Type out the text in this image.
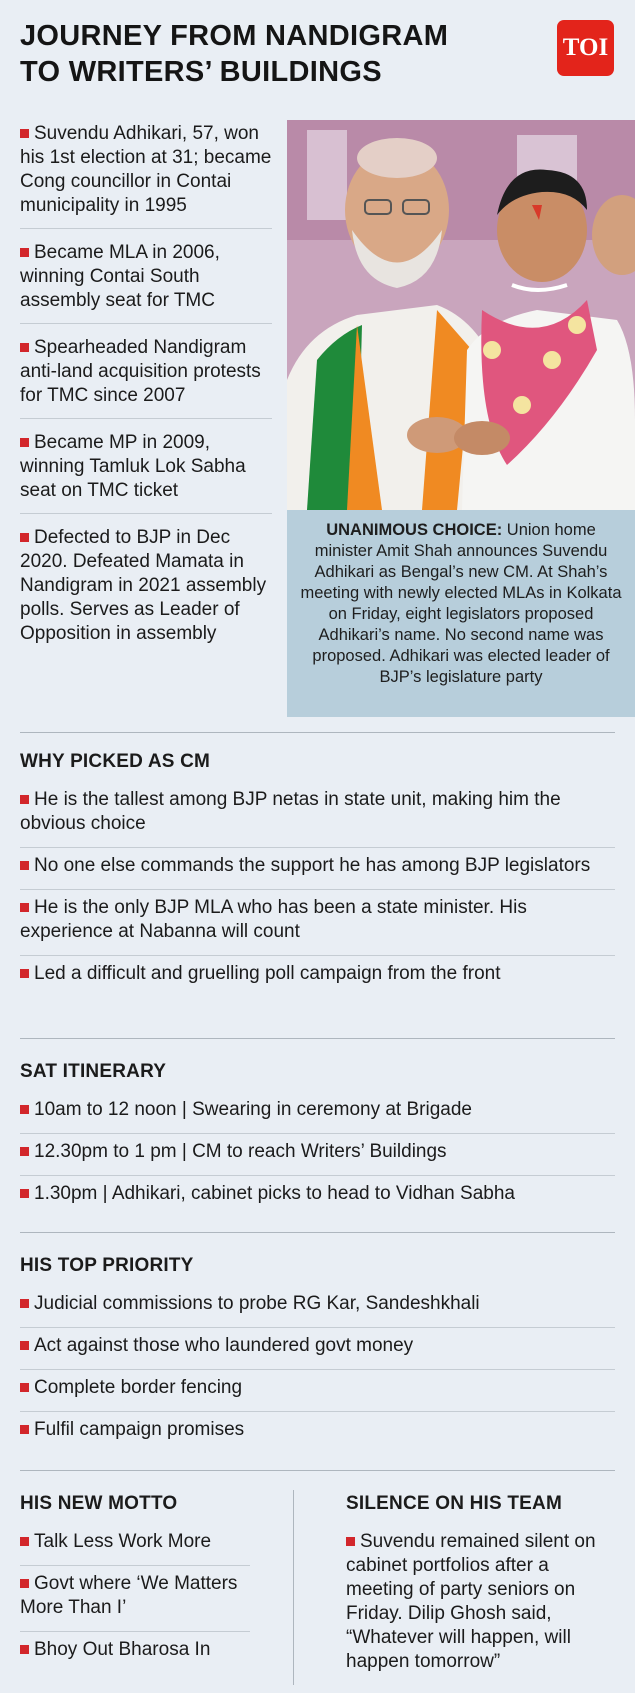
JOURNEY FROM NANDIGRAM
TO WRITERS’ BUILDINGS
TOI
Suvendu Adhikari, 57, won his 1st election at 31; became Cong councillor in Contai municipality in 1995
Became MLA in 2006, winning Contai South assembly seat for TMC
Spearheaded Nandigram anti-land acquisition protests for TMC since 2007
Became MP in 2009, winning Tamluk Lok Sabha seat on TMC ticket
Defected to BJP in Dec 2020. Defeated Mamata in Nandigram in 2021 assembly polls. Serves as Leader of Opposition in assembly
UNANIMOUS CHOICE: Union home minister Amit Shah announces Suvendu Adhikari as Bengal’s new CM. At Shah’s meeting with newly elected MLAs in Kolkata on Friday, eight legislators proposed Adhikari’s name. No second name was proposed. Adhikari was elected leader of BJP’s legislature party
WHY PICKED AS CM
He is the tallest among BJP netas in state unit, making him the obvious choice
No one else commands the support he has among BJP legislators
He is the only BJP MLA who has been a state minister. His experience at Nabanna will count
Led a difficult and gruelling poll campaign from the front
SAT ITINERARY
10am to 12 noon | Swearing in ceremony at Brigade
12.30pm to 1 pm | CM to reach Writers’ Buildings
1.30pm | Adhikari, cabinet picks to head to Vidhan Sabha
HIS TOP PRIORITY
Judicial commissions to probe RG Kar, Sandeshkhali
Act against those who laundered govt money
Complete border fencing
Fulfil campaign promises
HIS NEW MOTTO
Talk Less Work More
Govt where ‘We Matters More Than I’
Bhoy Out Bharosa In
SILENCE ON HIS TEAM
Suvendu remained silent on cabinet portfolios after a meeting of party seniors on Friday. Dilip Ghosh said, “Whatever will happen, will happen tomorrow”
